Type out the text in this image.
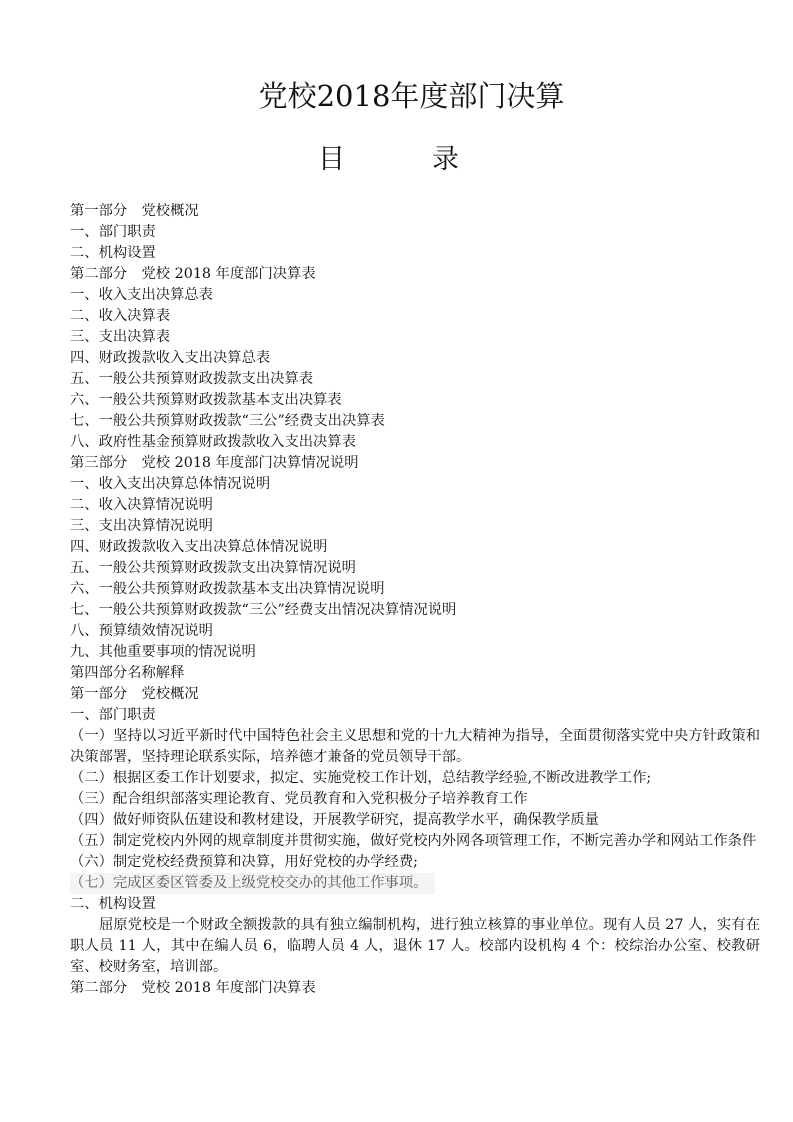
党校2018年度部门决算
目　录

第一部分　党校概况

一、部门职责

二、机构设置

第二部分　党校 2018 年度部门决算表

一、收入支出决算总表

二、收入决算表

三、支出决算表

四、财政拨款收入支出决算总表

五、一般公共预算财政拨款支出决算表

六、一般公共预算财政拨款基本支出决算表

七、一般公共预算财政拨款“三公”经费支出决算表

八、政府性基金预算财政拨款收入支出决算表

第三部分　党校 2018 年度部门决算情况说明

一、收入支出决算总体情况说明

二、收入决算情况说明

三、支出决算情况说明

四、财政拨款收入支出决算总体情况说明

五、一般公共预算财政拨款支出决算情况说明

六、一般公共预算财政拨款基本支出决算情况说明

七、一般公共预算财政拨款“三公”经费支出情况决算情况说明

八、预算绩效情况说明

九、其他重要事项的情况说明

第四部分名称解释

第一部分　党校概况

一、部门职责

（一）坚持以习近平新时代中国特色社会主义思想和党的十九大精神为指导，全面贯彻落实党中央方针政策和决策部署，坚持理论联系实际，培养德才兼备的党员领导干部。

（二）根据区委工作计划要求，拟定、实施党校工作计划，总结教学经验,不断改进教学工作;

（三）配合组织部落实理论教育、党员教育和入党积极分子培养教育工作

（四）做好师资队伍建设和教材建设，开展教学研究，提高教学水平，确保教学质量

（五）制定党校内外网的规章制度并贯彻实施，做好党校内外网各项管理工作，不断完善办学和网站工作条件

（六）制定党校经费预算和决算，用好党校的办学经费;

（七）完成区委区管委及上级党校交办的其他工作事项。

二、机构设置

屈原党校是一个财政全额拨款的具有独立编制机构，进行独立核算的事业单位。现有人员 27 人，实有在职人员 11 人，其中在编人员 6，临聘人员 4 人，退休 17 人。校部内设机构 4 个：校综治办公室、校教研室、校财务室，培训部。

第二部分　党校 2018 年度部门决算表
